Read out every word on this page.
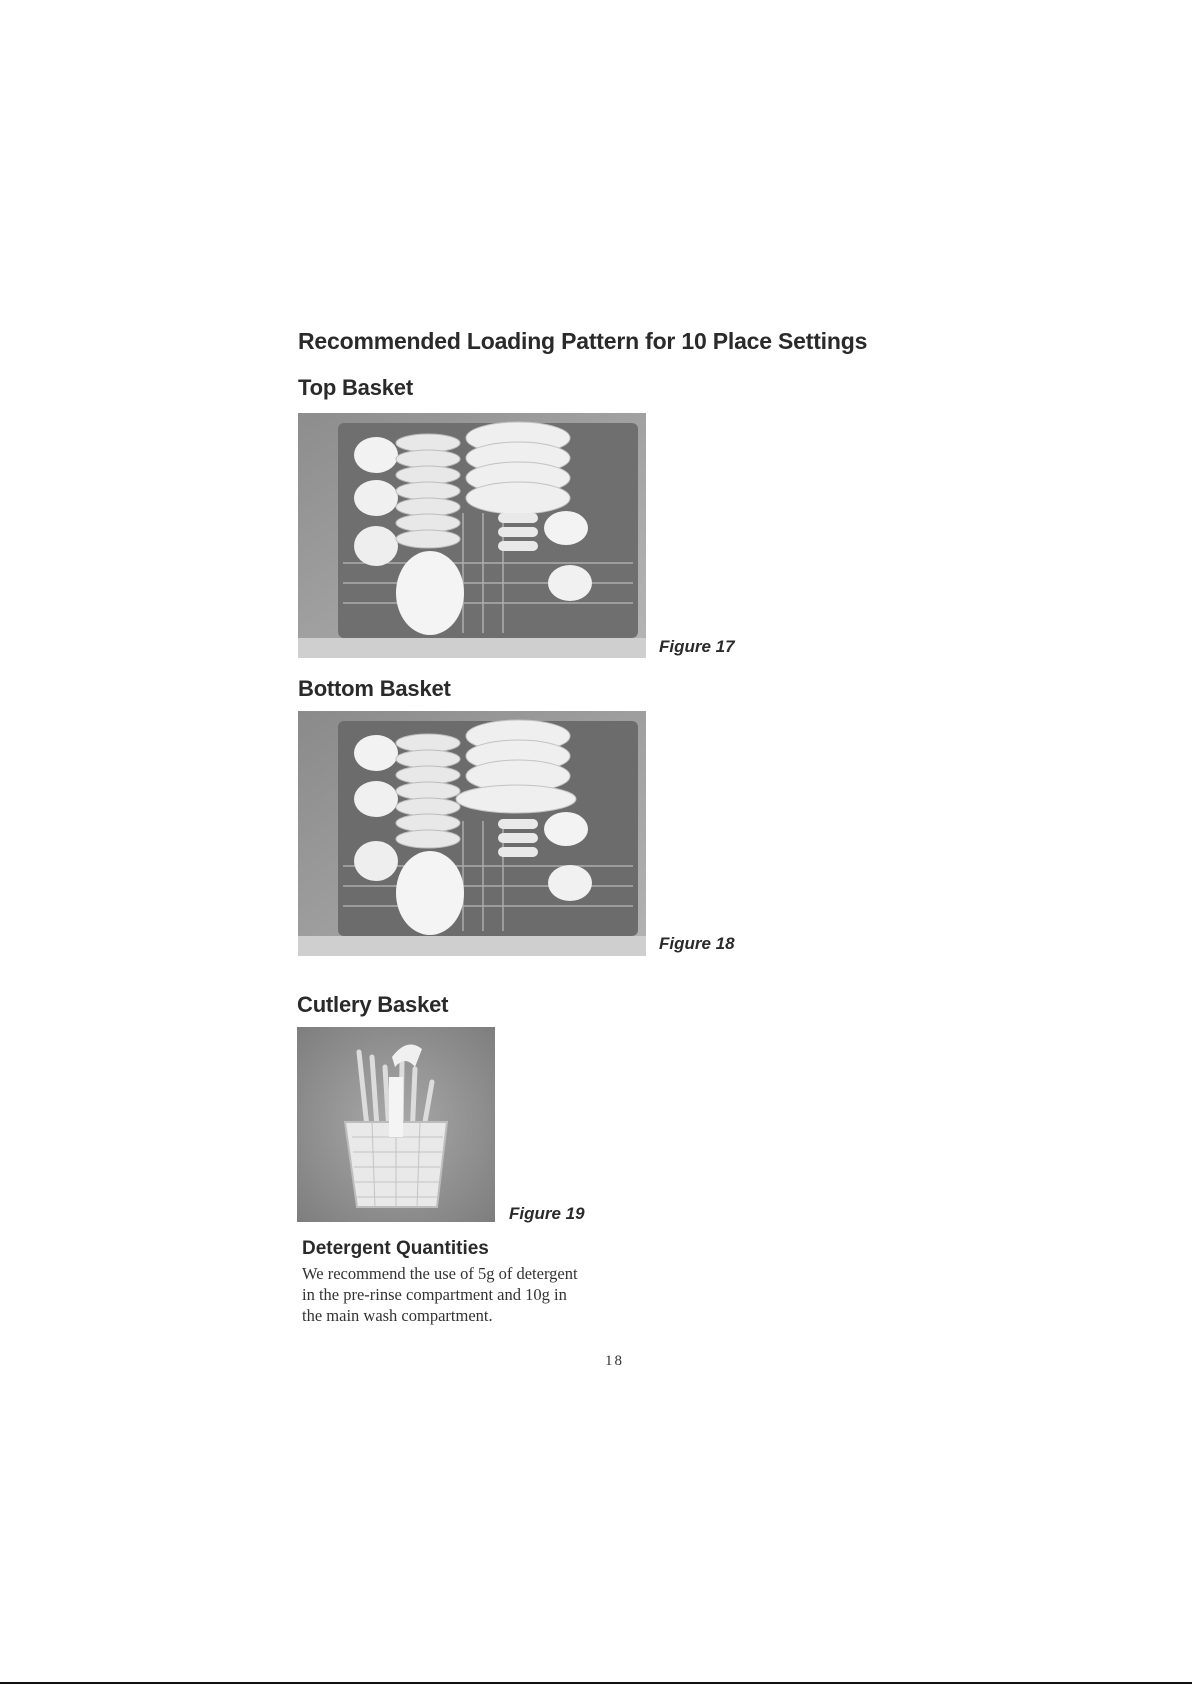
Recommended Loading Pattern for 10 Place Settings
Top Basket
Figure 17
Bottom Basket
Figure 18
Cutlery Basket
Figure 19
Detergent Quantities
We recommend the use of 5g of detergent
in the pre-rinse compartment and 10g in
the main wash compartment.
18
